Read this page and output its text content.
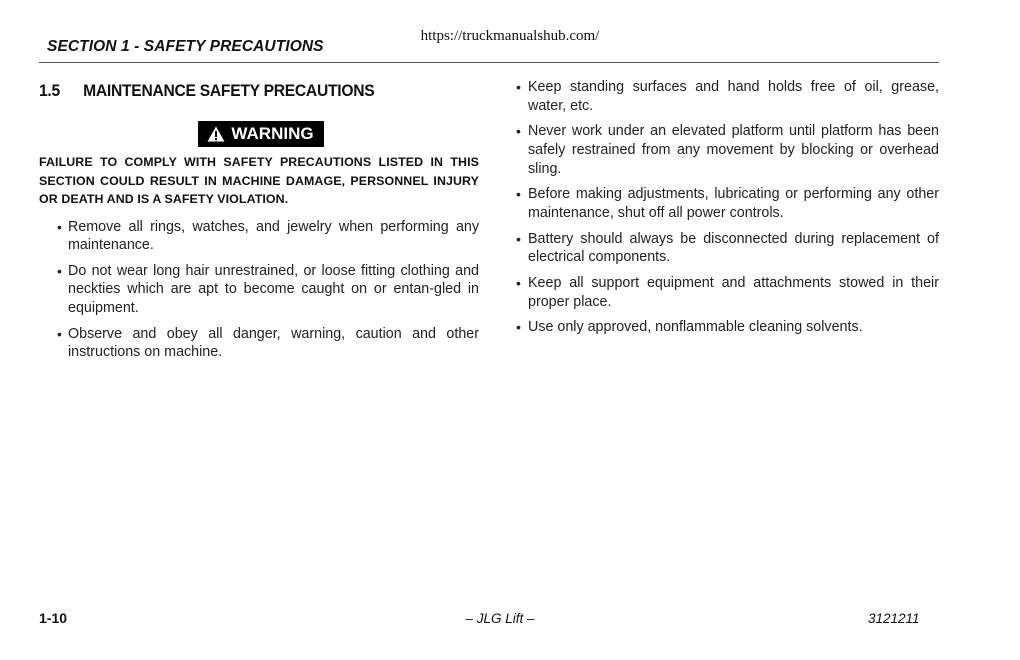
https://truckmanualshub.com/
SECTION 1 - SAFETY PRECAUTIONS
1.5 MAINTENANCE SAFETY PRECAUTIONS
WARNING
FAILURE TO COMPLY WITH SAFETY PRECAUTIONS LISTED IN THIS SECTION COULD RESULT IN MACHINE DAMAGE, PERSONNEL INJURY OR DEATH AND IS A SAFETY VIOLATION.
• Remove all rings, watches, and jewelry when performing any maintenance.
• Do not wear long hair unrestrained, or loose fitting clothing and neckties which are apt to become caught on or entan-gled in equipment.
• Observe and obey all danger, warning, caution and other instructions on machine.
• Keep standing surfaces and hand holds free of oil, grease, water, etc.
• Never work under an elevated platform until platform has been safely restrained from any movement by blocking or overhead sling.
• Before making adjustments, lubricating or performing any other maintenance, shut off all power controls.
• Battery should always be disconnected during replacement of electrical components.
• Keep all support equipment and attachments stowed in their proper place.
• Use only approved, nonflammable cleaning solvents.
1-10	– JLG Lift –	3121211
